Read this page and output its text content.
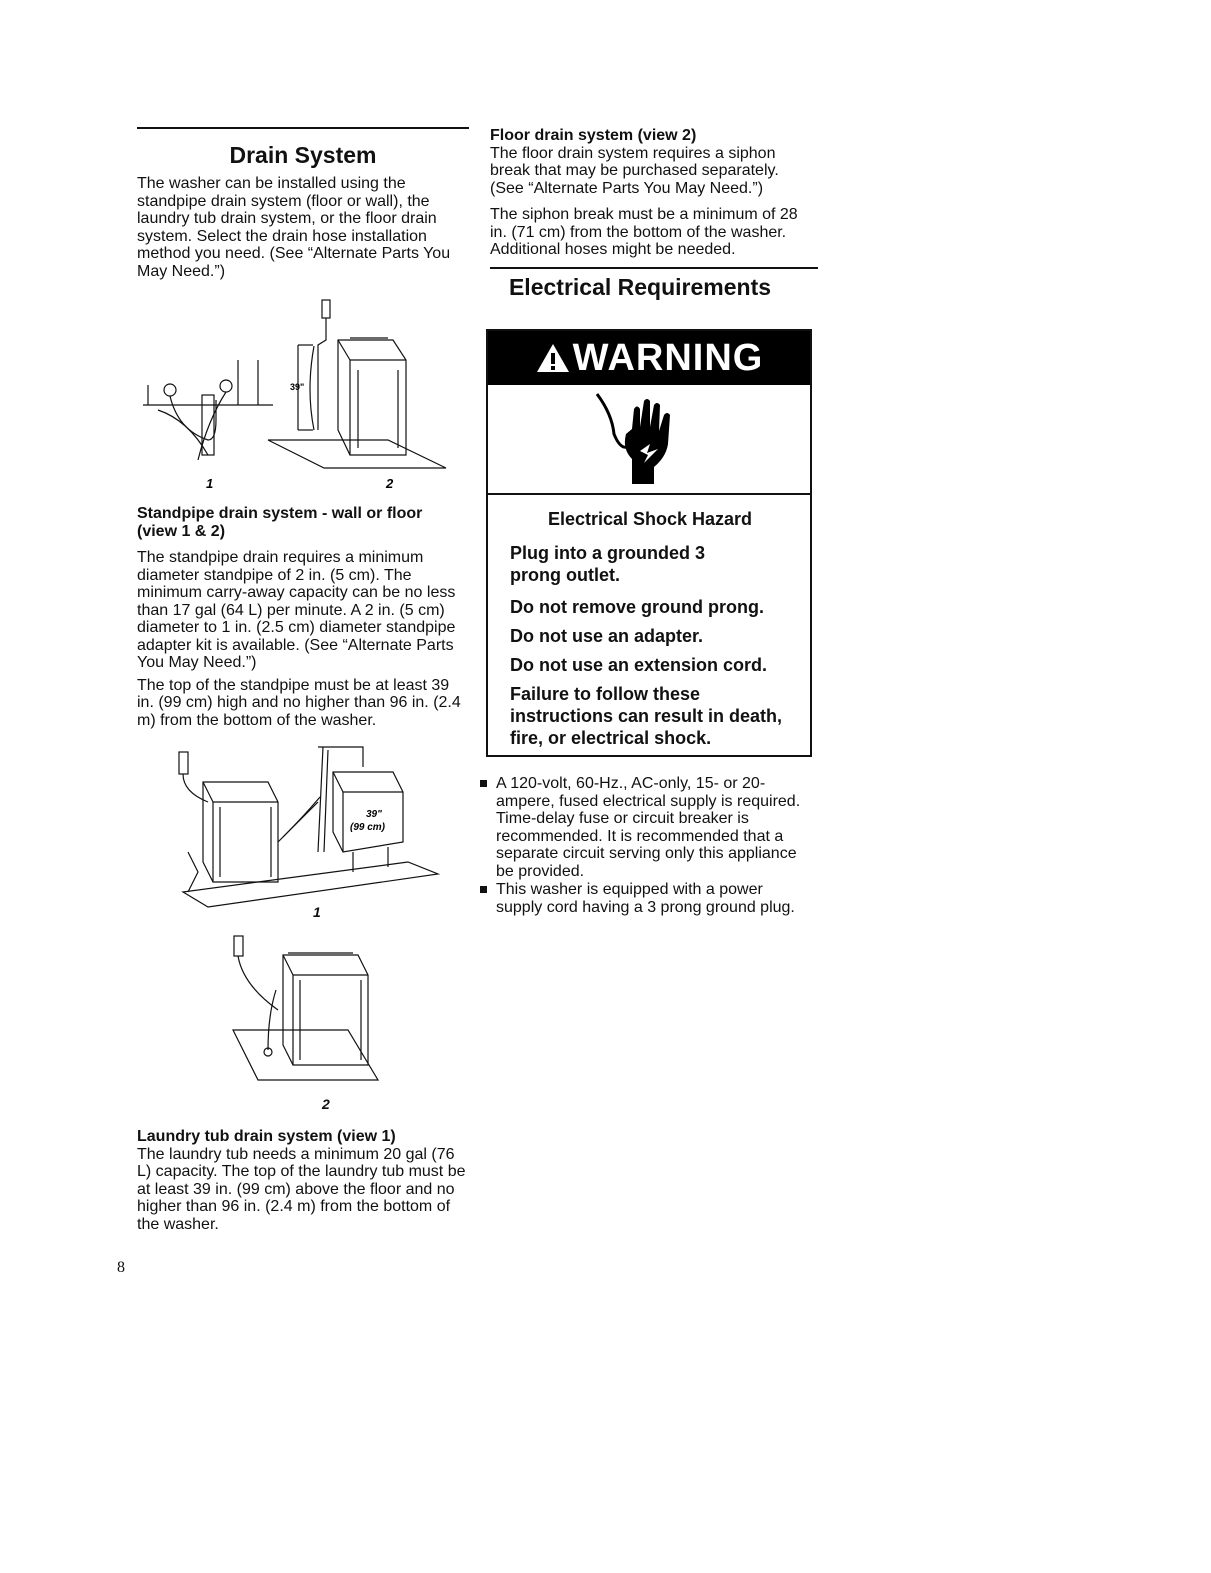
Drain System

The washer can be installed using the standpipe drain system (floor or wall), the laundry tub drain system, or the floor drain system. Select the drain hose installation method you need. (See “Alternate Parts You May Need.”)

39"
1	2

Standpipe drain system - wall or floor (view 1 & 2)

The standpipe drain requires a minimum diameter standpipe of 2 in. (5 cm). The minimum carry-away capacity can be no less than 17 gal (64 L) per minute. A 2 in. (5 cm) diameter to 1 in. (2.5 cm) diameter standpipe adapter kit is available. (See “Alternate Parts You May Need.”)

The top of the standpipe must be at least 39 in. (99 cm) high and no higher than 96 in. (2.4 m) from the bottom of the washer.

39"
(99 cm)
1
2

Laundry tub drain system (view 1)

The laundry tub needs a minimum 20 gal (76 L) capacity. The top of the laundry tub must be at least 39 in. (99 cm) above the floor and no higher than 96 in. (2.4 m) from the bottom of the washer.

Floor drain system (view 2)

The floor drain system requires a siphon break that may be purchased separately. (See “Alternate Parts You May Need.”)

The siphon break must be a minimum of 28 in. (71 cm) from the bottom of the washer. Additional hoses might be needed.

Electrical Requirements
WARNING
Electrical Shock Hazard
Plug into a grounded 3 prong outlet.
Do not remove ground prong.
Do not use an adapter.
Do not use an extension cord.
Failure to follow these instructions can result in death, fire, or electrical shock.
A 120-volt, 60-Hz., AC-only, 15- or 20-ampere, fused electrical supply is required. Time-delay fuse or circuit breaker is recommended. It is recommended that a separate circuit serving only this appliance be provided.
This washer is equipped with a power supply cord having a 3 prong ground plug.
8
